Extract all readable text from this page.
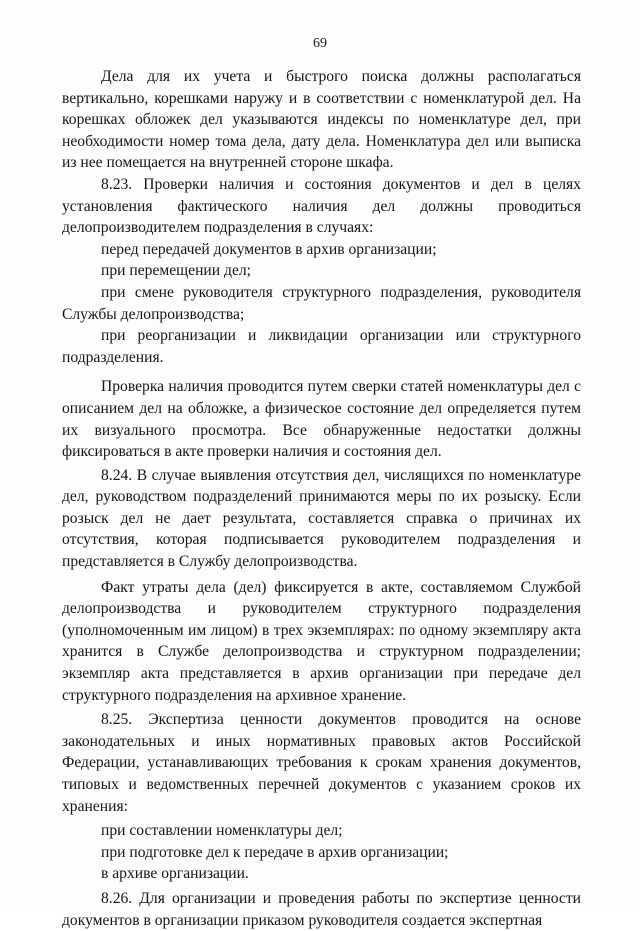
69

Дела для их учета и быстрого поиска должны располагаться вертикально, корешками наружу и в соответствии с номенклатурой дел. На корешках обложек дел указываются индексы по номенклатуре дел, при необходимости номер тома дела, дату дела. Номенклатура дел или выписка из нее помещается на внутренней стороне шкафа.

8.23. Проверки наличия и состояния документов и дел в целях установления фактического наличия дел должны проводиться делопроизводителем подразделения в случаях:

перед передачей документов в архив организации;

при перемещении дел;

при смене руководителя структурного подразделения, руководителя Службы делопроизводства;

при реорганизации и ликвидации организации или структурного подразделения.

Проверка наличия проводится путем сверки статей номенклатуры дел с описанием дел на обложке, а физическое состояние дел определяется путем их визуального просмотра. Все обнаруженные недостатки должны фиксироваться в акте проверки наличия и состояния дел.

8.24. В случае выявления отсутствия дел, числящихся по номенклатуре дел, руководством подразделений принимаются меры по их розыску. Если розыск дел не дает результата, составляется справка о причинах их отсутствия, которая подписывается руководителем подразделения и представляется в Службу делопроизводства.

Факт утраты дела (дел) фиксируется в акте, составляемом Службой делопроизводства и руководителем структурного подразделения (уполномоченным им лицом) в трех экземплярах: по одному экземпляру акта хранится в Службе делопроизводства и структурном подразделении; экземпляр акта представляется в архив организации при передаче дел структурного подразделения на архивное хранение.

8.25. Экспертиза ценности документов проводится на основе законодательных и иных нормативных правовых актов Российской Федерации, устанавливающих требования к срокам хранения документов, типовых и ведомственных перечней документов с указанием сроков их хранения:

при составлении номенклатуры дел;

при подготовке дел к передаче в архив организации;

в архиве организации.

8.26. Для организации и проведения работы по экспертизе ценности документов в организации приказом руководителя создается экспертная
